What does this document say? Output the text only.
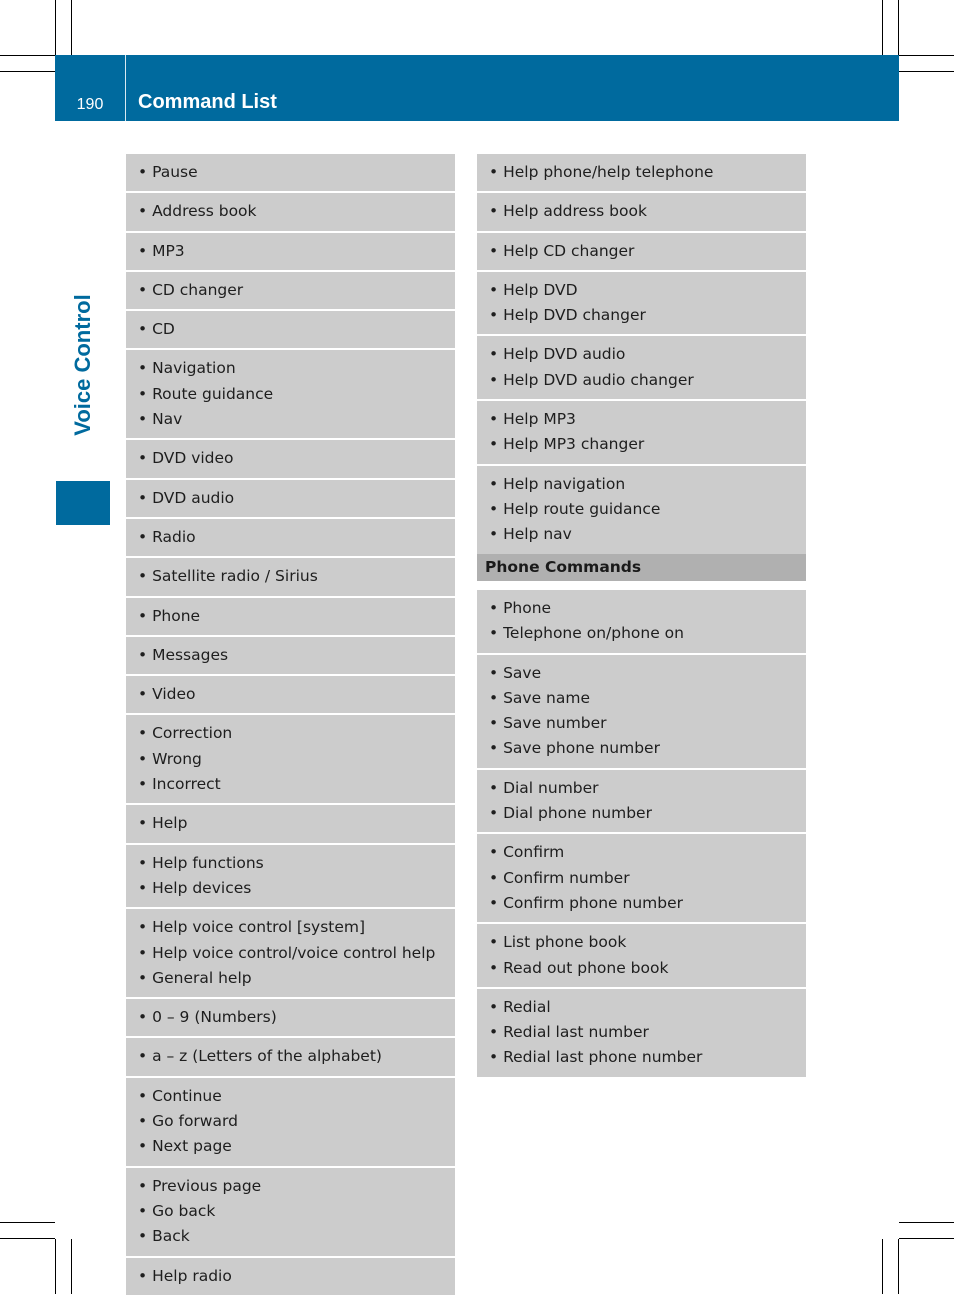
190	Command List
Voice Control
• Pause
• Address book
• MP3
• CD changer
• CD
• Navigation
• Route guidance
• Nav
• DVD video
• DVD audio
• Radio
• Satellite radio / Sirius
• Phone
• Messages
• Video
• Correction
• Wrong
• Incorrect
• Help
• Help functions
• Help devices
• Help voice control [system]
• Help voice control/voice control help
• General help
• 0 – 9 (Numbers)
• a – z (Letters of the alphabet)
• Continue
• Go forward
• Next page
• Previous page
• Go back
• Back
• Help radio
• Help phone/help telephone
• Help address book
• Help CD changer
• Help DVD
• Help DVD changer
• Help DVD audio
• Help DVD audio changer
• Help MP3
• Help MP3 changer
• Help navigation
• Help route guidance
• Help nav
Phone Commands
• Phone
• Telephone on/phone on
• Save
• Save name
• Save number
• Save phone number
• Dial number
• Dial phone number
• Confirm
• Confirm number
• Confirm phone number
• List phone book
• Read out phone book
• Redial
• Redial last number
• Redial last phone number
